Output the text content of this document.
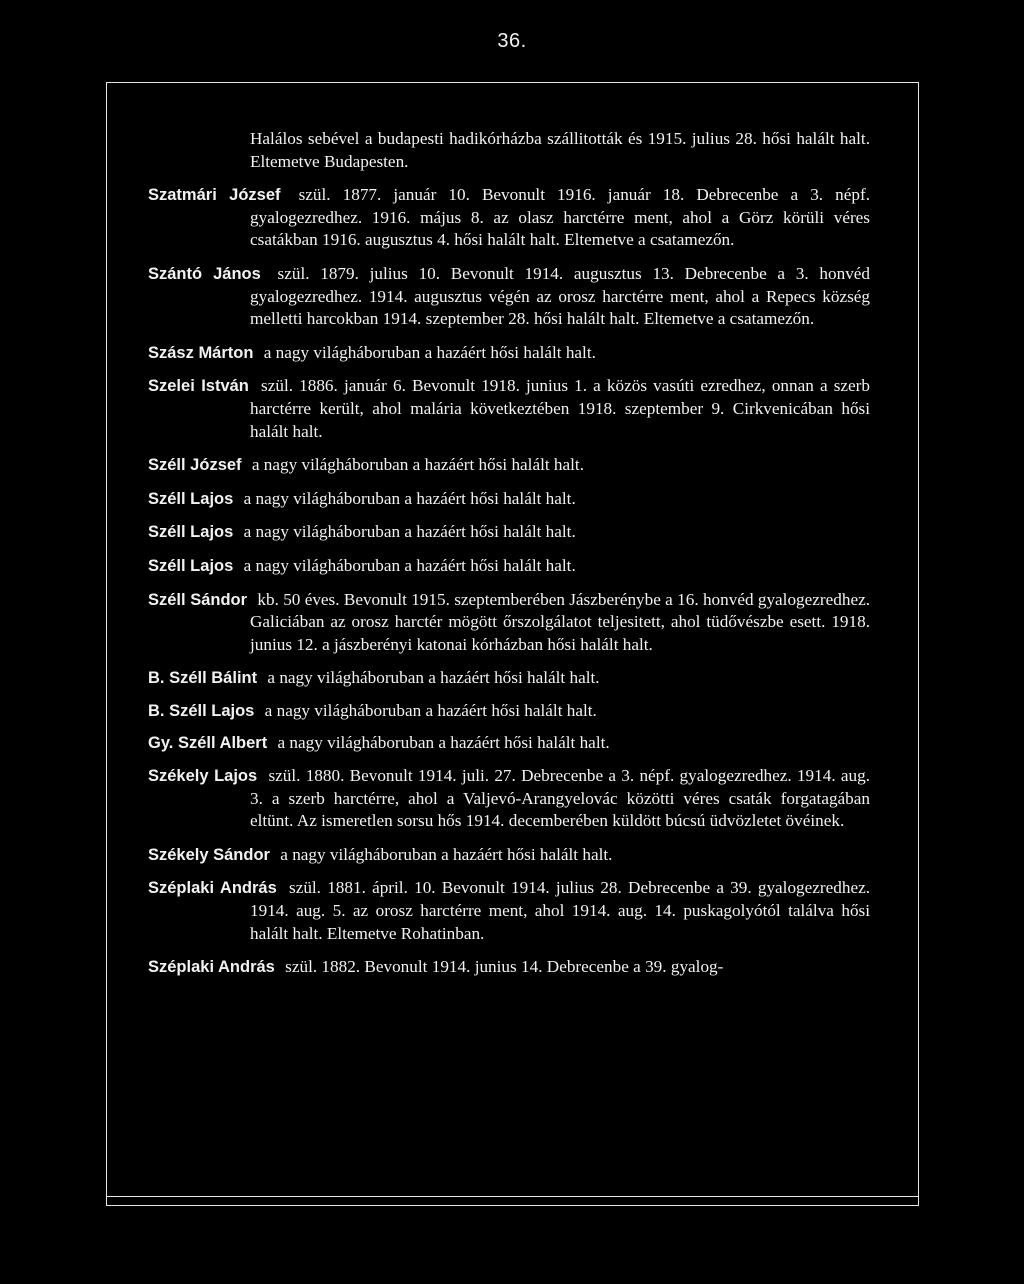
36.

Halálos sebével a budapesti hadikórházba szállitották és 1915. julius 28. hősi halált halt. Eltemetve Budapesten.

Szatmári József szül. 1877. január 10. Bevonult 1916. január 18. Debrecenbe a 3. népf. gyalogezredhez. 1916. május 8. az olasz harctérre ment, ahol a Görz körüli véres csatákban 1916. augusztus 4. hősi halált halt. Eltemetve a csatamezőn.

Szántó János szül. 1879. julius 10. Bevonult 1914. augusztus 13. Debrecenbe a 3. honvéd gyalogezredhez. 1914. augusztus végén az orosz harctérre ment, ahol a Repecs község melletti harcokban 1914. szeptember 28. hősi halált halt. Eltemetve a csatamezőn.

Szász Márton a nagy világháboruban a hazáért hősi halált halt.

Szelei István szül. 1886. január 6. Bevonult 1918. junius 1. a közös vasúti ezredhez, onnan a szerb harctérre került, ahol malária következtében 1918. szeptember 9. Cirkvenicában hősi halált halt.

Széll József a nagy világháboruban a hazáért hősi halált halt.

Széll Lajos a nagy világháboruban a hazáért hősi halált halt.

Széll Lajos a nagy világháboruban a hazáért hősi halált halt.

Széll Lajos a nagy világháboruban a hazáért hősi halált halt.

Széll Sándor kb. 50 éves. Bevonult 1915. szeptemberében Jászberénybe a 16. honvéd gyalogezredhez. Galiciában az orosz harctér mögött őrszolgálatot teljesitett, ahol tüdővészbe esett. 1918. junius 12. a jászberényi katonai kórházban hősi halált halt.

B. Széll Bálint a nagy világháboruban a hazáért hősi halált halt.

B. Széll Lajos a nagy világháboruban a hazáért hősi halált halt.

Gy. Széll Albert a nagy világháboruban a hazáért hősi halált halt.

Székely Lajos szül. 1880. Bevonult 1914. juli. 27. Debrecenbe a 3. népf. gyalogezredhez. 1914. aug. 3. a szerb harctérre, ahol a Valjevó-Arangyelovác közötti véres csaták forgatagában eltünt. Az ismeretlen sorsu hős 1914. decemberében küldött búcsú üdvözletet övéinek.

Székely Sándor a nagy világháboruban a hazáért hősi halált halt.

Széplaki András szül. 1881. ápril. 10. Bevonult 1914. julius 28. Debrecenbe a 39. gyalogezredhez. 1914. aug. 5. az orosz harctérre ment, ahol 1914. aug. 14. puskagolyótól találva hősi halált halt. Eltemetve Rohatinban.

Széplaki András szül. 1882. Bevonult 1914. junius 14. Debrecenbe a 39. gyalog-
